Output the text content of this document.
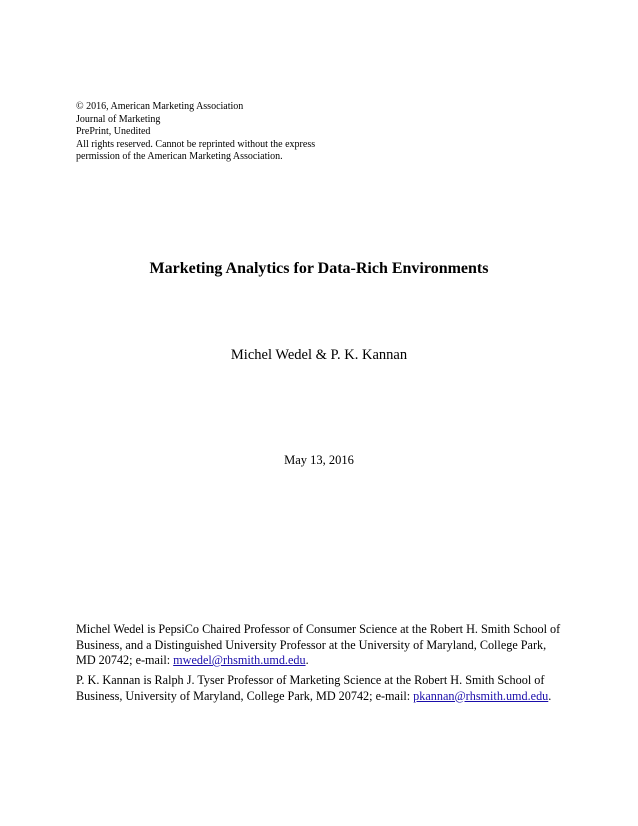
© 2016, American Marketing Association
Journal of Marketing
PrePrint, Unedited
All rights reserved. Cannot be reprinted without the express
permission of the American Marketing Association.
Marketing Analytics for Data-Rich Environments
Michel Wedel & P. K. Kannan
May 13, 2016

Michel Wedel is PepsiCo Chaired Professor of Consumer Science at the Robert H. Smith School of Business, and a Distinguished University Professor at the University of Maryland, College Park, MD 20742; e-mail: mwedel@rhsmith.umd.edu.

P. K. Kannan is Ralph J. Tyser Professor of Marketing Science at the Robert H. Smith School of Business, University of Maryland, College Park, MD 20742; e-mail: pkannan@rhsmith.umd.edu.
